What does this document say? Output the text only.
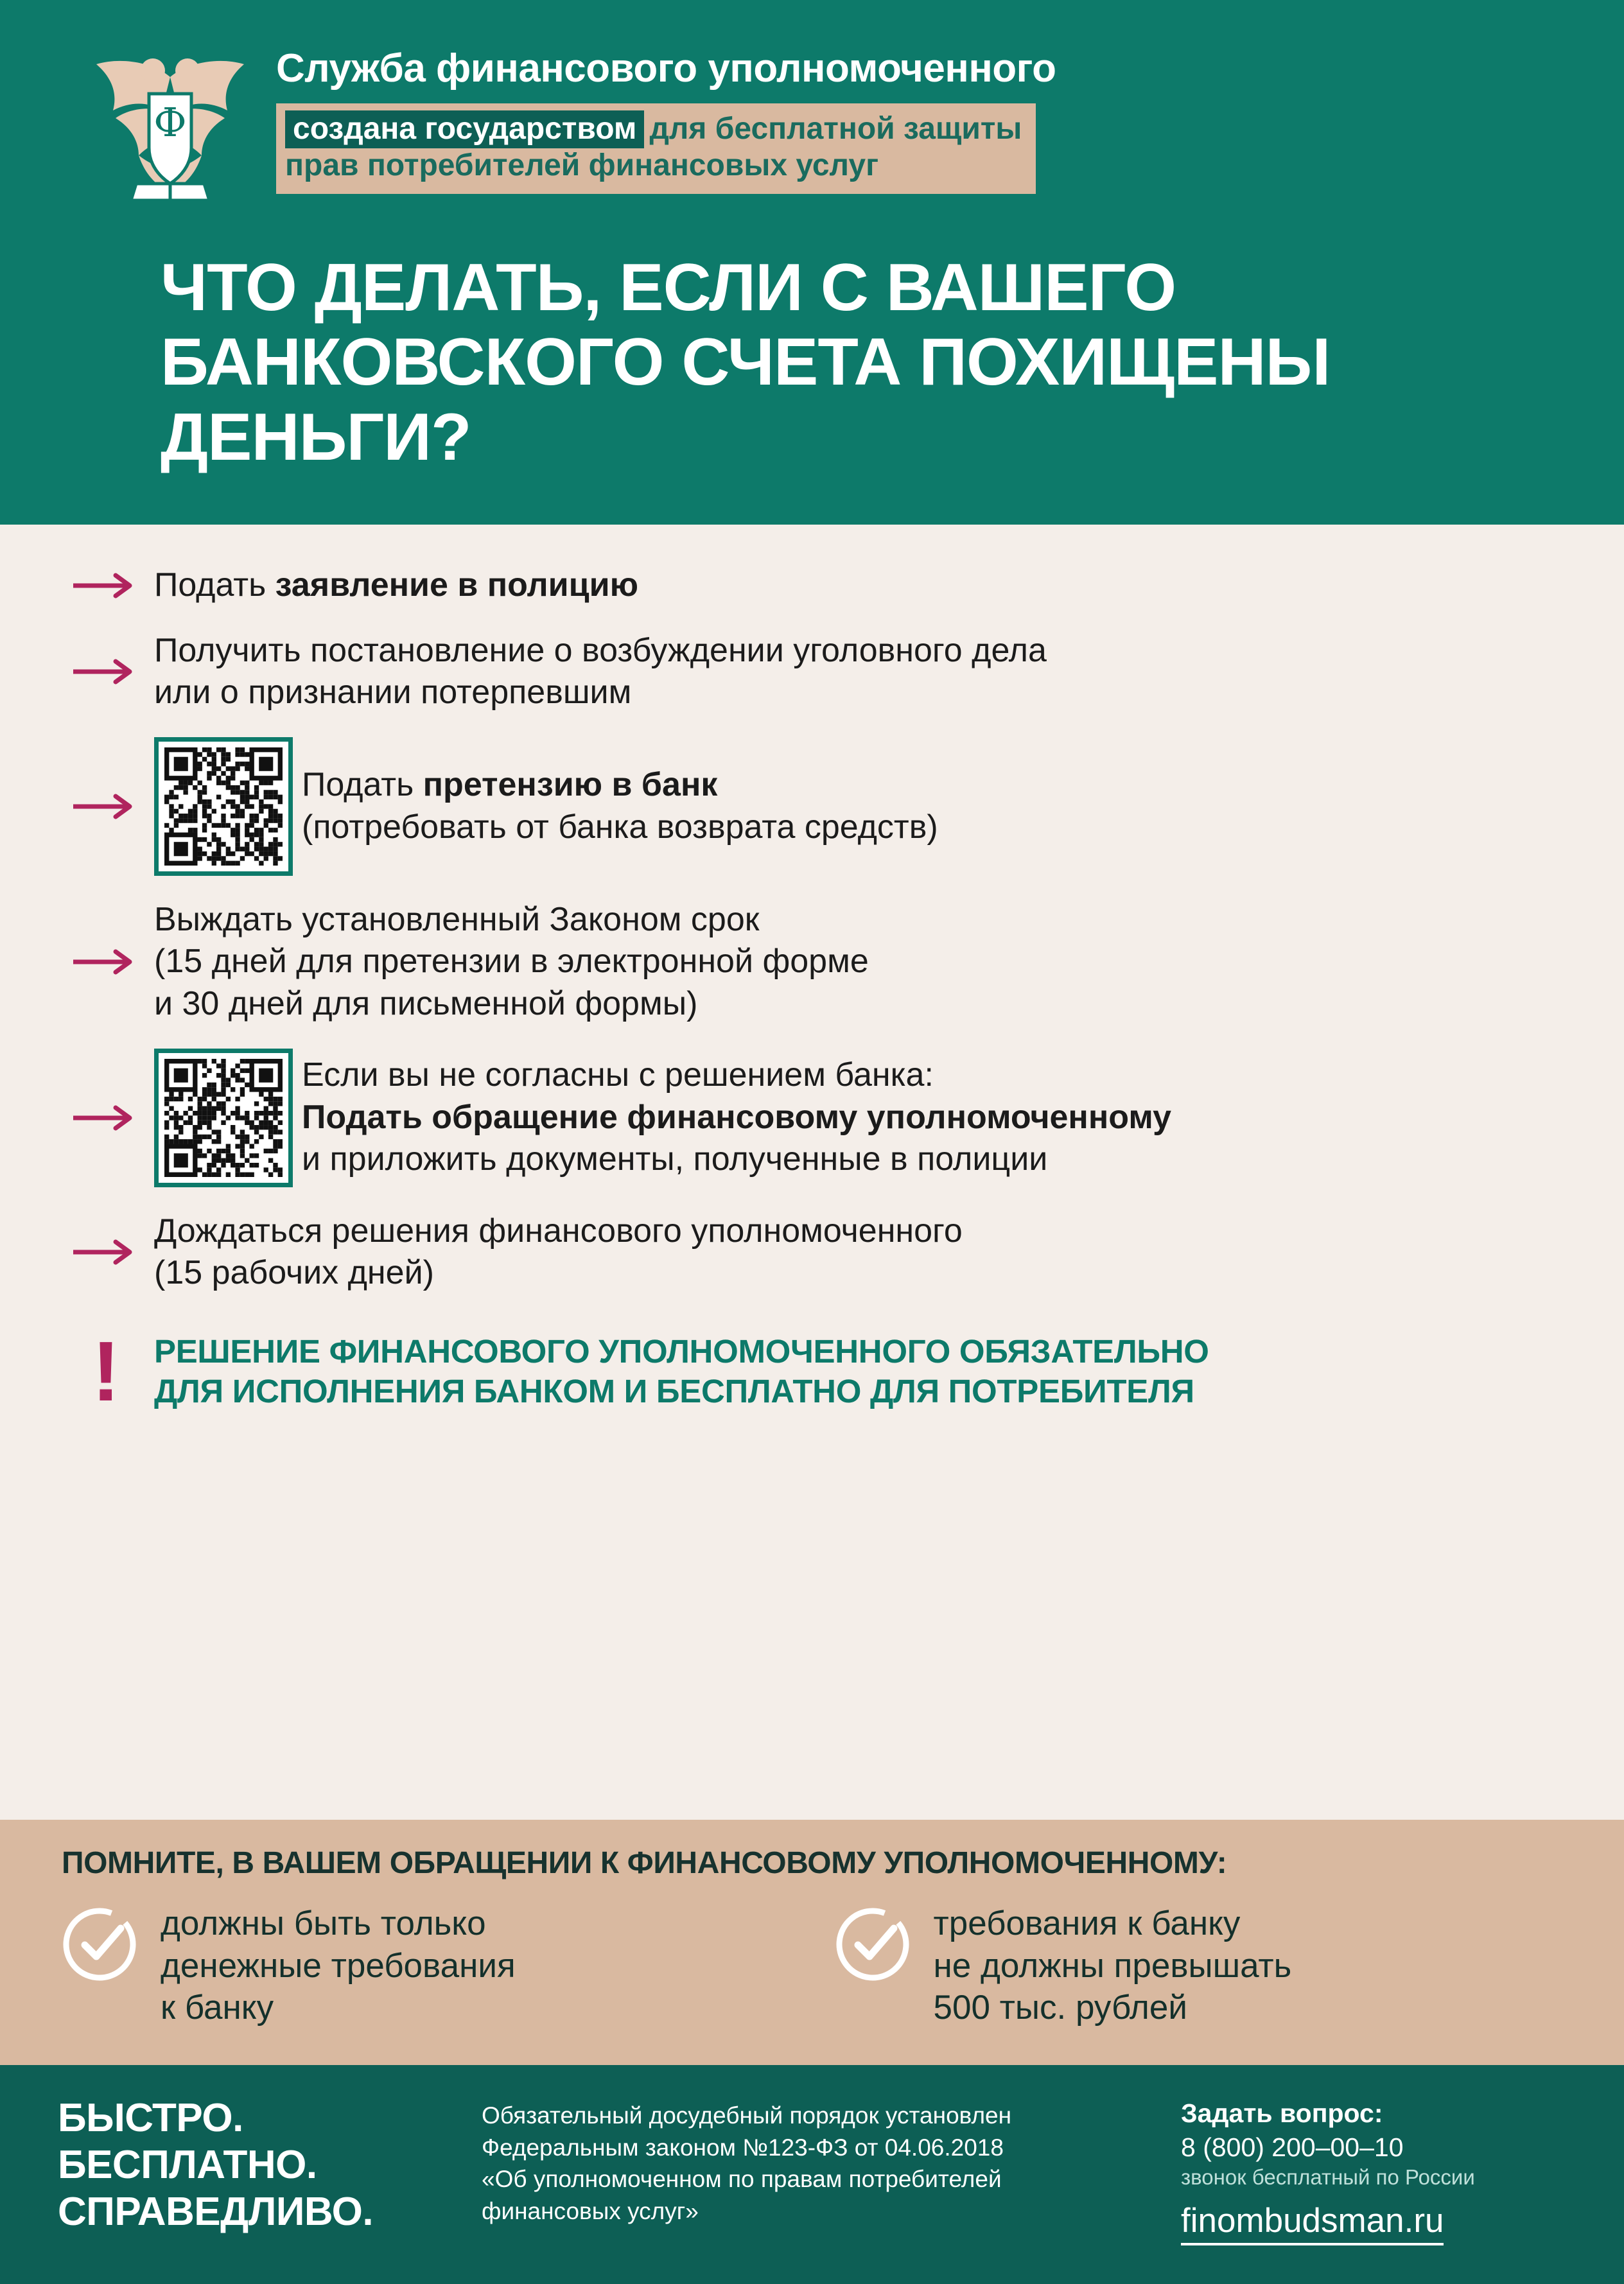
Ф
Служба финансового уполномоченного
создана государством для бесплатной защиты
прав потребителей финансовых услуг
ЧТО ДЕЛАТЬ, ЕСЛИ С ВАШЕГО БАНКОВСКОГО СЧЕТА ПОХИЩЕНЫ ДЕНЬГИ?
Подать заявление в полицию
Получить постановление о возбуждении уголовного дела
или о признании потерпевшим
Подать претензию в банк
(потребовать от банка возврата средств)
Выждать установленный Законом срок
(15 дней для претензии в электронной форме
и 30 дней для письменной формы)
Если вы не согласны с решением банка:
Подать обращение финансовому уполномоченному
и приложить документы, полученные в полиции
Дождаться решения финансового уполномоченного
(15 рабочих дней)
!	РЕШЕНИЕ ФИНАНСОВОГО УПОЛНОМОЧЕННОГО ОБЯЗАТЕЛЬНО
ДЛЯ ИСПОЛНЕНИЯ БАНКОМ И БЕСПЛАТНО ДЛЯ ПОТРЕБИТЕЛЯ
ПОМНИТЕ, В ВАШЕМ ОБРАЩЕНИИ К ФИНАНСОВОМУ УПОЛНОМОЧЕННОМУ:
должны быть только
денежные требования
к банку
требования к банку
не должны превышать
500 тыс. рублей
БЫСТРО.
БЕСПЛАТНО.
СПРАВЕДЛИВО.
Обязательный досудебный порядок установлен
Федеральным законом №123-ФЗ от 04.06.2018
«Об уполномоченном по правам потребителей
финансовых услуг»
Задать вопрос:
8 (800) 200–00–10
звонок бесплатный по России
finombudsman.ru
